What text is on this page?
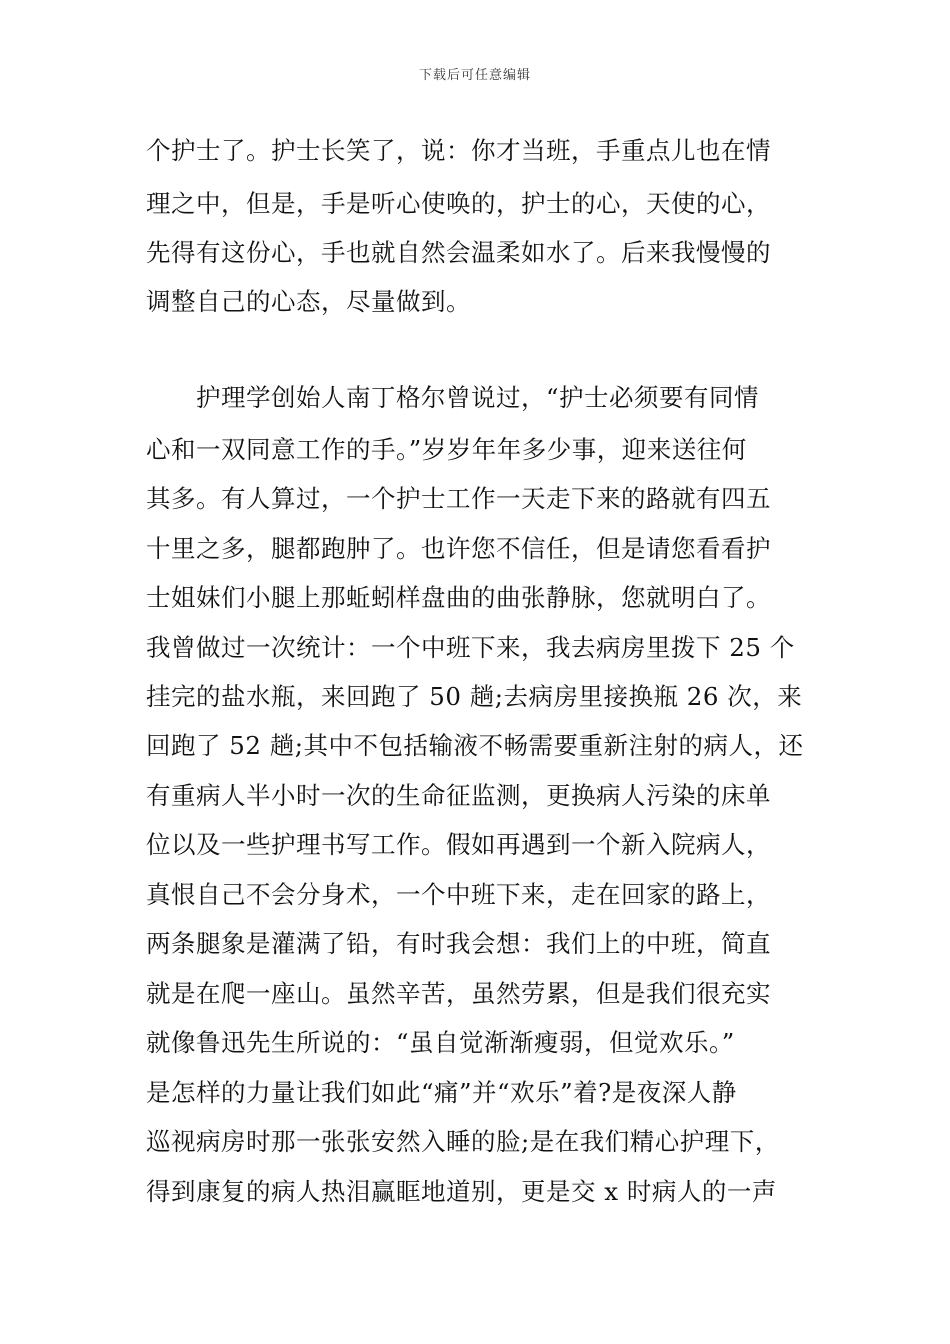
下载后可任意编辑
个护士了。护士长笑了，说：你才当班，手重点儿也在情
理之中，但是，手是听心使唤的，护士的心，天使的心，
先得有这份心，手也就自然会温柔如水了。后来我慢慢的
调整自己的心态，尽量做到。
　　护理学创始人南丁格尔曾说过，“护士必须要有同情
心和一双同意工作的手。”岁岁年年多少事，迎来送往何
其多。有人算过，一个护士工作一天走下来的路就有四五
十里之多，腿都跑肿了。也许您不信任，但是请您看看护
士姐妹们小腿上那蚯蚓样盘曲的曲张静脉，您就明白了。
我曾做过一次统计：一个中班下来，我去病房里拨下 25 个
挂完的盐水瓶，来回跑了 50 趟;去病房里接换瓶 26 次，来
回跑了 52 趟;其中不包括输液不畅需要重新注射的病人，还
有重病人半小时一次的生命征监测，更换病人污染的床单
位以及一些护理书写工作。假如再遇到一个新入院病人，
真恨自己不会分身术，一个中班下来，走在回家的路上，
两条腿象是灌满了铅，有时我会想：我们上的中班，简直
就是在爬一座山。虽然辛苦，虽然劳累，但是我们很充实
就像鲁迅先生所说的：“虽自觉渐渐瘦弱，但觉欢乐。”
是怎样的力量让我们如此“痛”并“欢乐”着?是夜深人静
巡视病房时那一张张安然入睡的脸;是在我们精心护理下，
得到康复的病人热泪赢眶地道别，更是交 x 时病人的一声
